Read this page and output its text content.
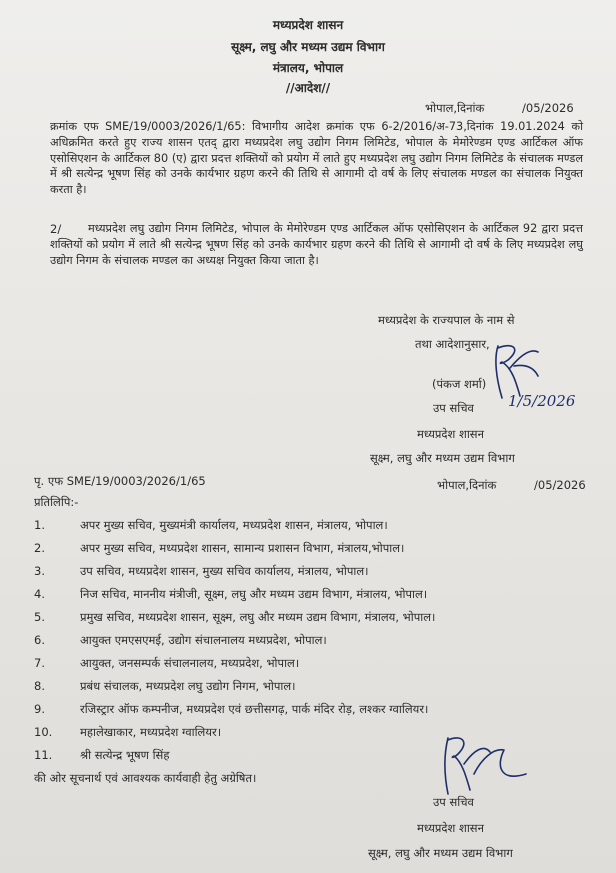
मध्यप्रदेश शासन
सूक्ष्म, लघु और मध्यम उद्यम विभाग
मंत्रालय, भोपाल
//आदेश//
भोपाल,दिनांक	/05/2026
क्रमांक एफ SME/19/0003/2026/1/65: विभागीय आदेश क्रमांक एफ 6-2/2016/अ-73,दिनांक 19.01.2024 को अधिक्रमित करते हुए राज्य शासन एतद् द्वारा मध्यप्रदेश लघु उद्योग निगम लिमिटेड, भोपाल के मेमोरेण्डम एण्ड आर्टिकल ऑफ एसोसिएशन के आर्टिकल 80 (ए) द्वारा प्रदत्त शक्तियों को प्रयोग में लाते हुए मध्यप्रदेश लघु उद्योग निगम लिमिटेड के संचालक मण्डल में श्री सत्येन्द्र भूषण सिंह को उनके कार्यभार ग्रहण करने की तिथि से आगामी दो वर्ष के लिए संचालक मण्डल का संचालक नियुक्त करता है।
2/	मध्यप्रदेश लघु उद्योग निगम लिमिटेड, भोपाल के मेमोरेण्डम एण्ड आर्टिकल ऑफ एसोसिएशन के आर्टिकल 92 द्वारा प्रदत्त शक्तियों को प्रयोग में लाते श्री सत्येन्द्र भूषण सिंह को उनके कार्यभार ग्रहण करने की तिथि से आगामी दो वर्ष के लिए मध्यप्रदेश लघु उद्योग निगम के संचालक मण्डल का अध्यक्ष नियुक्त किया जाता है।
मध्यप्रदेश के राज्यपाल के नाम से
तथा आदेशानुसार,
(पंकज शर्मा)
उप सचिव 1/5/2026
मध्यप्रदेश शासन
सूक्ष्म, लघु और मध्यम उद्यम विभाग
पृ. एफ SME/19/0003/2026/1/65	भोपाल,दिनांक	/05/2026
प्रतिलिपि:-
1.	अपर मुख्य सचिव, मुख्यमंत्री कार्यालय, मध्यप्रदेश शासन, मंत्रालय, भोपाल।
2.	अपर मुख्य सचिव, मध्यप्रदेश शासन, सामान्य प्रशासन विभाग, मंत्रालय,भोपाल।
3.	उप सचिव, मध्यप्रदेश शासन, मुख्य सचिव कार्यालय, मंत्रालय, भोपाल।
4.	निज सचिव, माननीय मंत्रीजी, सूक्ष्म, लघु और मध्यम उद्यम विभाग, मंत्रालय, भोपाल।
5.	प्रमुख सचिव, मध्यप्रदेश शासन, सूक्ष्म, लघु और मध्यम उद्यम विभाग, मंत्रालय, भोपाल।
6.	आयुक्त एमएसएमई, उद्योग संचालनालय मध्यप्रदेश, भोपाल।
7.	आयुक्त, जनसम्पर्क संचालनालय, मध्यप्रदेश, भोपाल।
8.	प्रबंध संचालक, मध्यप्रदेश लघु उद्योग निगम, भोपाल।
9.	रजिस्ट्रार ऑफ कम्पनीज, मध्यप्रदेश एवं छत्तीसगढ़, पार्क मंदिर रोड़, लश्कर ग्वालियर।
10. महालेखाकार, मध्यप्रदेश ग्वालियर।
11. श्री सत्येन्द्र भूषण सिंह
की ओर सूचनार्थ एवं आवश्यक कार्यवाही हेतु अग्रेषित।
उप सचिव
मध्यप्रदेश शासन
सूक्ष्म, लघु और मध्यम उद्यम विभाग
